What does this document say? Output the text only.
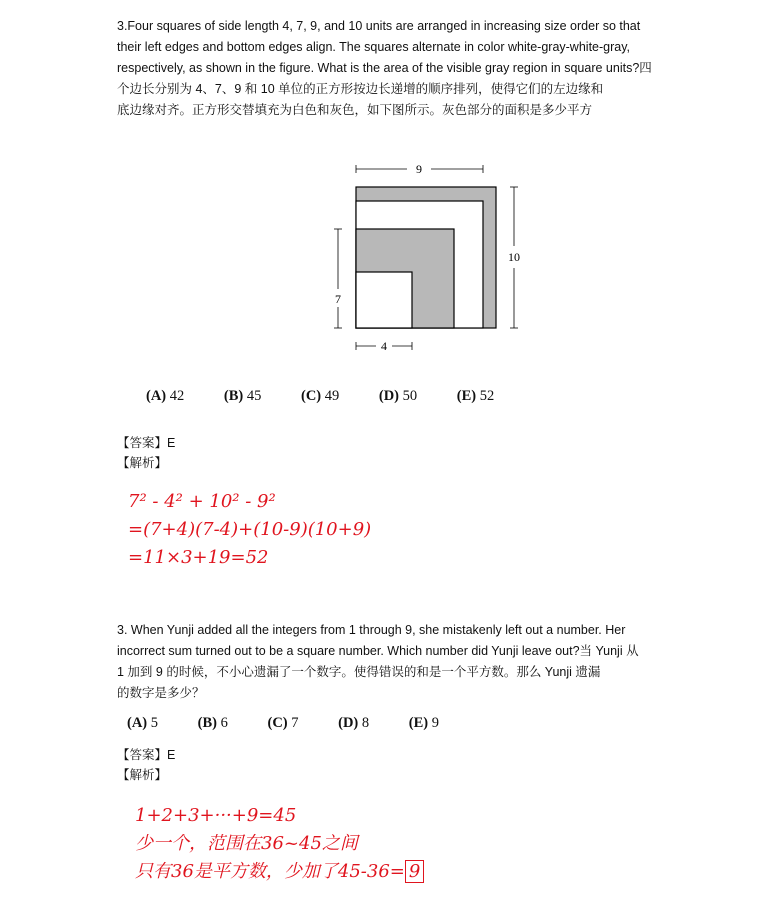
3.Four squares of side length 4, 7, 9, and 10 units are arranged in increasing size order so that

their left edges and bottom edges align. The squares alternate in color white-gray-white-gray,

respectively, as shown in the figure. What is the area of the visible gray region in square units?四

个边长分别为 4、7、9 和 10 单位的正方形按边长递增的顺序排列，使得它们的左边缘和

底边缘对齐。正方形交替填充为白色和灰色，如下图所示。灰色部分的面积是多少平方

9
10
7
4
(A) 42	(B) 45	(C) 49	(D) 50	(E) 52
【答案】E
【解析】
7² - 4² + 10² - 9²
=(7+4)(7-4)+(10-9)(10+9)
=11×3+19=52

3. When Yunji added all the integers from 1 through 9, she mistakenly left out a number. Her

incorrect sum turned out to be a square number. Which number did Yunji leave out?当 Yunji 从

1 加到 9 的时候，不小心遗漏了一个数字。使得错误的和是一个平方数。那么 Yunji 遗漏

的数字是多少？

(A) 5	(B) 6	(C) 7	(D) 8	(E) 9
【答案】E
【解析】
1+2+3+···+9=45
少一个，范围在36~45之间
只有36是平方数，少加了45-36= 9
